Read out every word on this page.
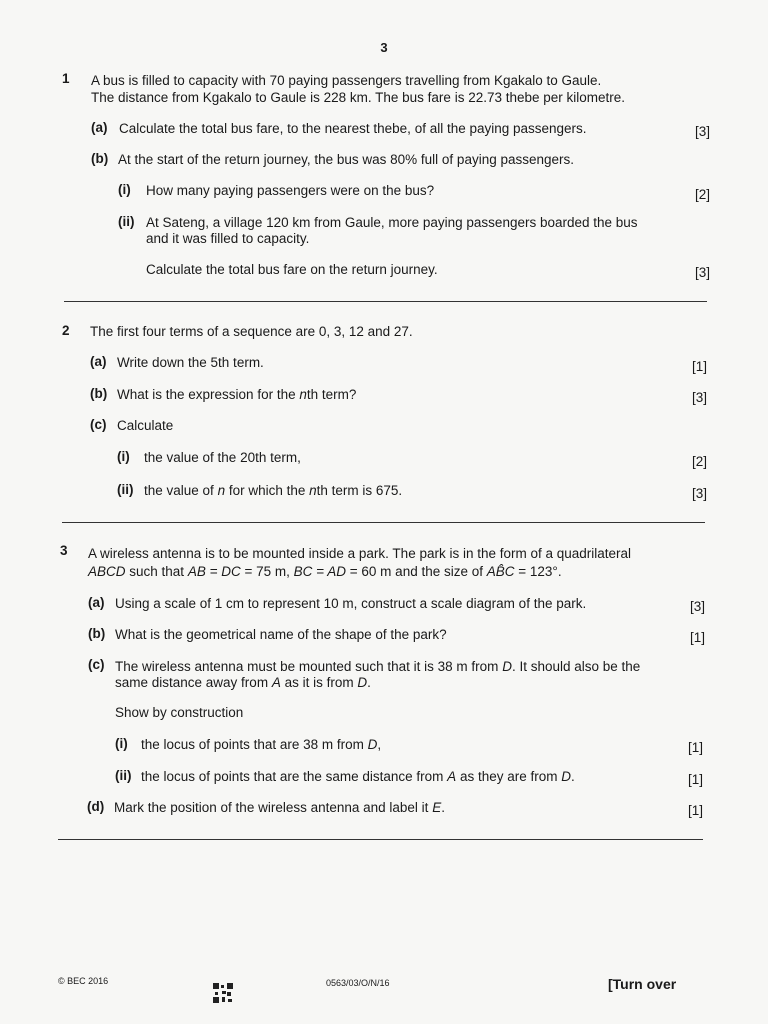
3
1 A bus is filled to capacity with 70 paying passengers travelling from Kgakalo to Gaule.
The distance from Kgakalo to Gaule is 228 km. The bus fare is 22.73 thebe per kilometre.
(a) Calculate the total bus fare, to the nearest thebe, of all the paying passengers.	[3]
(b) At the start of the return journey, the bus was 80% full of paying passengers.
(i) How many paying passengers were on the bus?	[2]
(ii) At Sateng, a village 120 km from Gaule, more paying passengers boarded the bus
and it was filled to capacity.
Calculate the total bus fare on the return journey.	[3]
2 The first four terms of a sequence are 0, 3, 12 and 27.
(a) Write down the 5th term.	[1]
(b) What is the expression for the nth term?	[3]
(c) Calculate
(i) the value of the 20th term,	[2]
(ii) the value of n for which the nth term is 675.	[3]
3 A wireless antenna is to be mounted inside a park. The park is in the form of a quadrilateral
ABCD such that AB = DC = 75 m, BC = AD = 60 m and the size of AB̂C = 123°.
(a) Using a scale of 1 cm to represent 10 m, construct a scale diagram of the park.	[3]
(b) What is the geometrical name of the shape of the park?	[1]
(c) The wireless antenna must be mounted such that it is 38 m from D. It should also be the
same distance away from A as it is from D.
Show by construction
(i) the locus of points that are 38 m from D,	[1]
(ii) the locus of points that are the same distance from A as they are from D.	[1]
(d) Mark the position of the wireless antenna and label it E.	[1]
© BEC 2016	0563/03/O/N/16	[Turn over
